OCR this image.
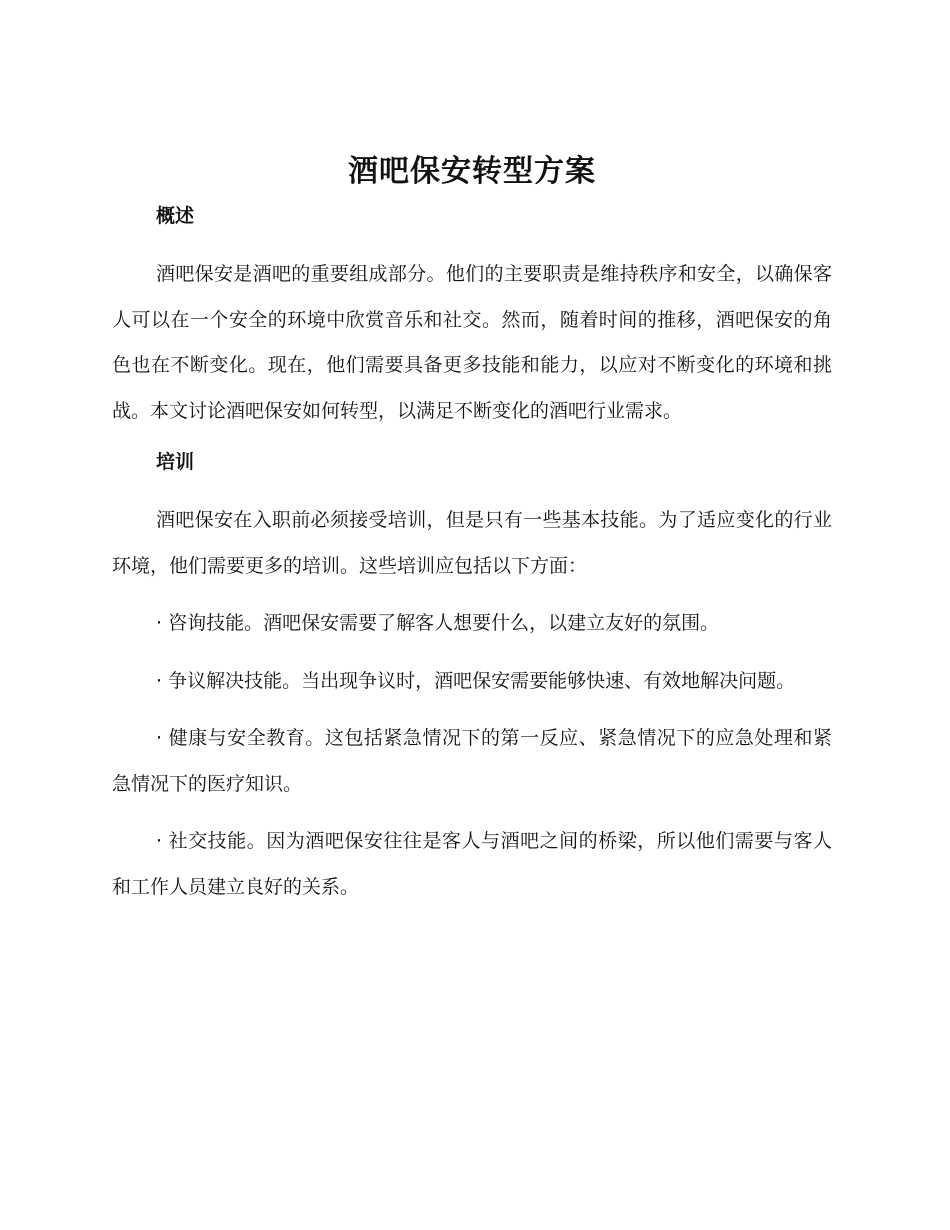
酒吧保安转型方案
概述

酒吧保安是酒吧的重要组成部分。他们的主要职责是维持秩序和安全，以确保客人可以在一个安全的环境中欣赏音乐和社交。然而，随着时间的推移，酒吧保安的角色也在不断变化。现在，他们需要具备更多技能和能力，以应对不断变化的环境和挑战。本文讨论酒吧保安如何转型，以满足不断变化的酒吧行业需求。

培训

酒吧保安在入职前必须接受培训，但是只有一些基本技能。为了适应变化的行业环境，他们需要更多的培训。这些培训应包括以下方面：

· 咨询技能。酒吧保安需要了解客人想要什么，以建立友好的氛围。

· 争议解决技能。当出现争议时，酒吧保安需要能够快速、有效地解决问题。

· 健康与安全教育。这包括紧急情况下的第一反应、紧急情况下的应急处理和紧急情况下的医疗知识。

· 社交技能。因为酒吧保安往往是客人与酒吧之间的桥梁，所以他们需要与客人和工作人员建立良好的关系。
